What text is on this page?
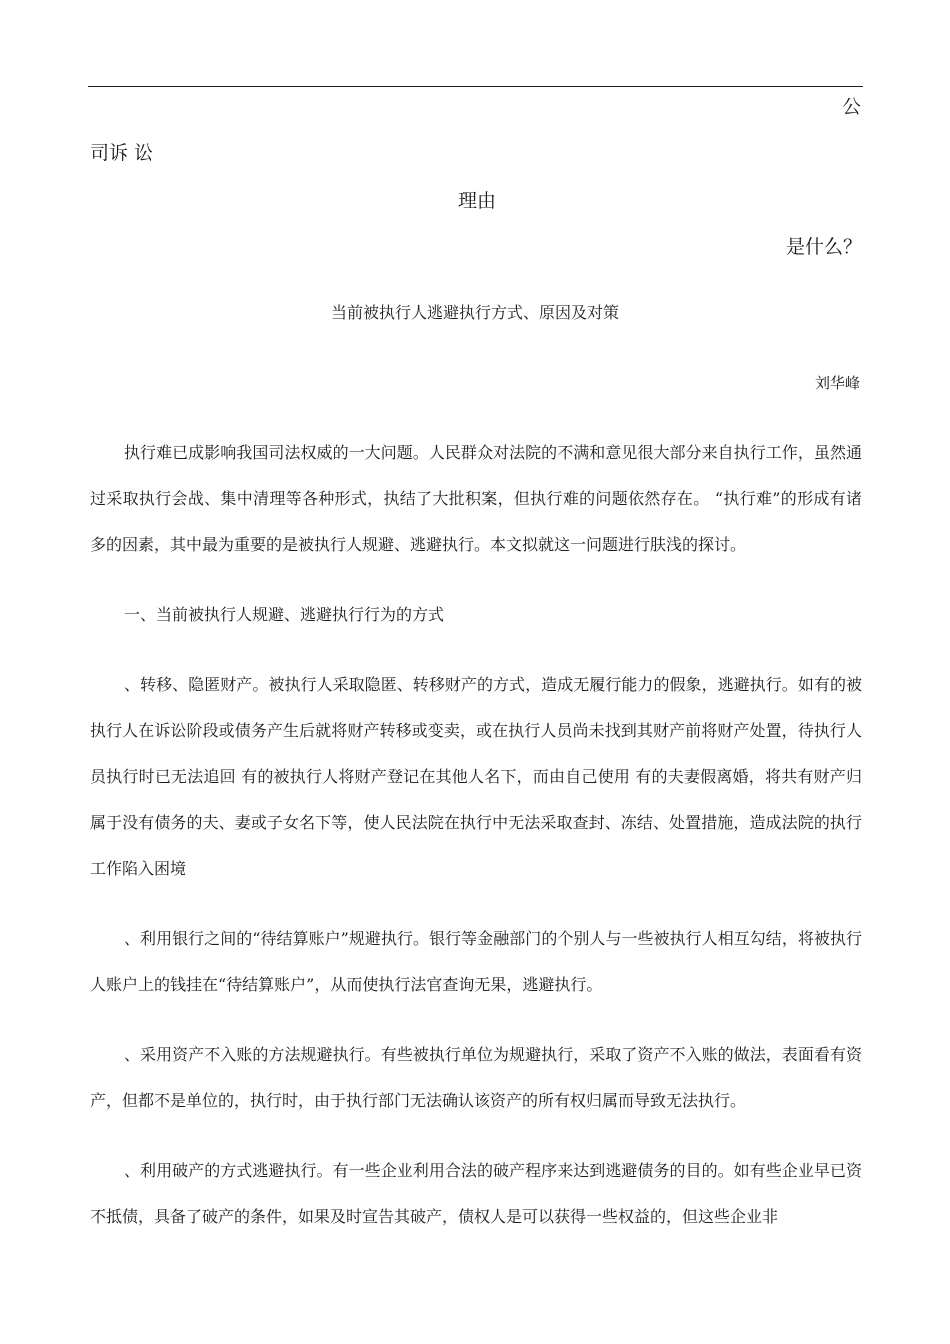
公
司诉 讼
理由
是什么？
当前被执行人逃避执行方式、原因及对策
刘华峰

执行难已成影响我国司法权威的一大问题。人民群众对法院的不满和意见很大部分来自执行工作，虽然通过采取执行会战、集中清理等各种形式，执结了大批积案，但执行难的问题依然存在。 “执行难”的形成有诸多的因素，其中最为重要的是被执行人规避、逃避执行。本文拟就这一问题进行肤浅的探讨。

一、当前被执行人规避、逃避执行行为的方式

、转移、隐匿财产。被执行人采取隐匿、转移财产的方式，造成无履行能力的假象，逃避执行。如有的被执行人在诉讼阶段或债务产生后就将财产转移或变卖，或在执行人员尚未找到其财产前将财产处置，待执行人员执行时已无法追回 有的被执行人将财产登记在其他人名下，而由自己使用 有的夫妻假离婚，将共有财产归属于没有债务的夫、妻或子女名下等，使人民法院在执行中无法采取查封、冻结、处置措施，造成法院的执行工作陷入困境

、利用银行之间的“待结算账户”规避执行。银行等金融部门的个别人与一些被执行人相互勾结，将被执行人账户上的钱挂在“待结算账户”，从而使执行法官查询无果，逃避执行。

、采用资产不入账的方法规避执行。有些被执行单位为规避执行，采取了资产不入账的做法，表面看有资产，但都不是单位的，执行时，由于执行部门无法确认该资产的所有权归属而导致无法执行。

、利用破产的方式逃避执行。有一些企业利用合法的破产程序来达到逃避债务的目的。如有些企业早已资不抵债，具备了破产的条件，如果及时宣告其破产，债权人是可以获得一些权益的，但这些企业非
